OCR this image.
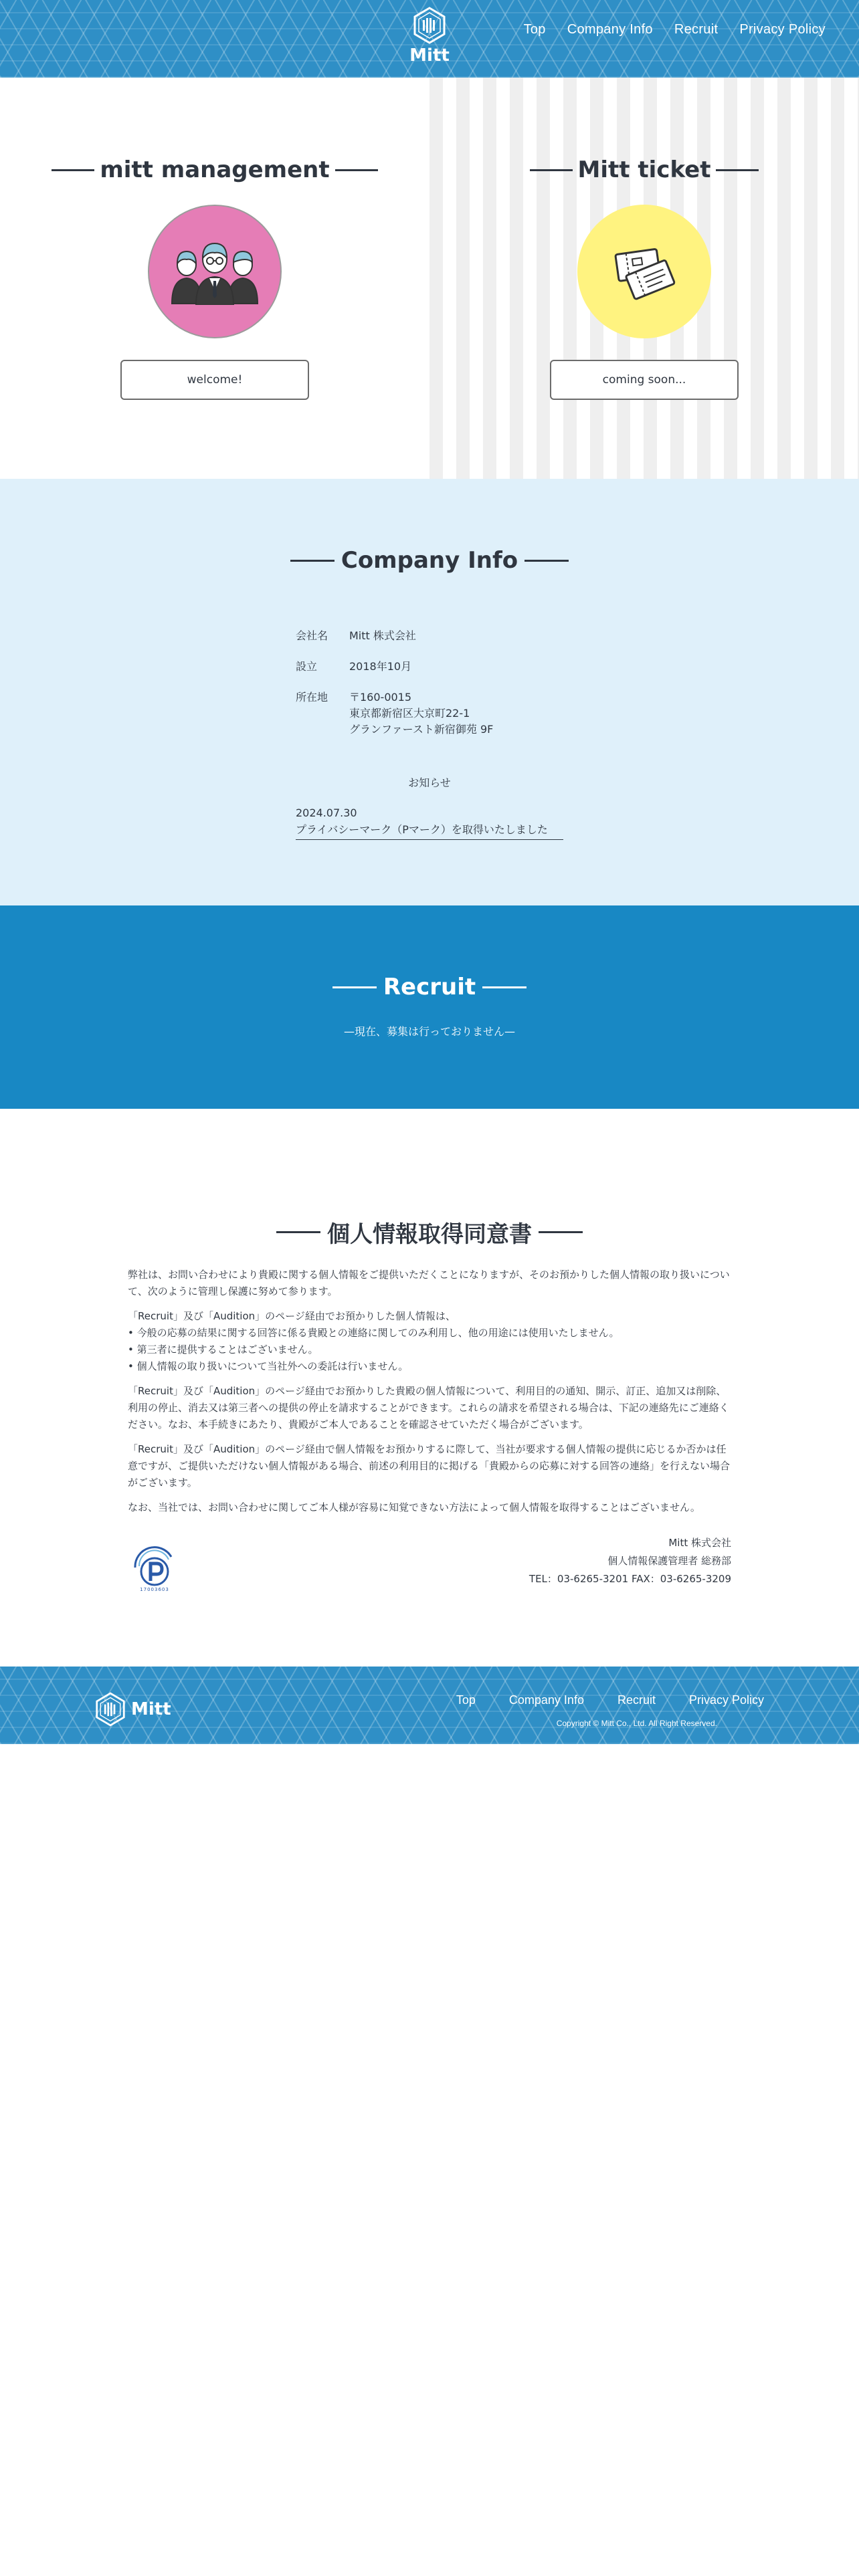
Mitt
Top Company Info Recruit Privacy Policy
mitt management
welcome!
Mitt ticket
coming soon...
Company Info
会社名	Mitt 株式会社
設立	2018年10月
所在地	〒160-0015
東京都新宿区大京町22-1
グランファースト新宿御苑 9F
お知らせ
2024.07.30
プライバシーマーク（Pマーク）を取得いたしました
Recruit
—現在、募集は行っておりません—
個人情報取得同意書

弊社は、お問い合わせにより貴殿に関する個人情報をご提供いただくことになりますが、そのお預かりした個人情報の取り扱いについて、次のように管理し保護に努めて参ります。

「Recruit」及び「Audition」のページ経由でお預かりした個人情報は、
• 今般の応募の結果に関する回答に係る貴殿との連絡に関してのみ利用し、他の用途には使用いたしません。
• 第三者に提供することはございません。
• 個人情報の取り扱いについて当社外への委託は行いません。

「Recruit」及び「Audition」のページ経由でお預かりした貴殿の個人情報について、利用目的の通知、開示、訂正、追加又は削除、利用の停止、消去又は第三者への提供の停止を請求することができます。これらの請求を希望される場合は、下記の連絡先にご連絡ください。なお、本手続きにあたり、貴殿がご本人であることを確認させていただく場合がございます。

「Recruit」及び「Audition」のページ経由で個人情報をお預かりするに際して、当社が要求する個人情報の提供に応じるか否かは任意ですが、ご提供いただけない個人情報がある場合、前述の利用目的に掲げる「貴殿からの応募に対する回答の連絡」を行えない場合がございます。

なお、当社では、お問い合わせに関してご本人様が容易に知覚できない方法によって個人情報を取得することはございません。

17003603
Mitt 株式会社
個人情報保護管理者 総務部
TEL：03-6265-3201 FAX：03-6265-3209
Mitt	Top	Company Info	Recruit	Privacy Policy
Copyright © Mitt Co., Ltd. All Right Reserved.
